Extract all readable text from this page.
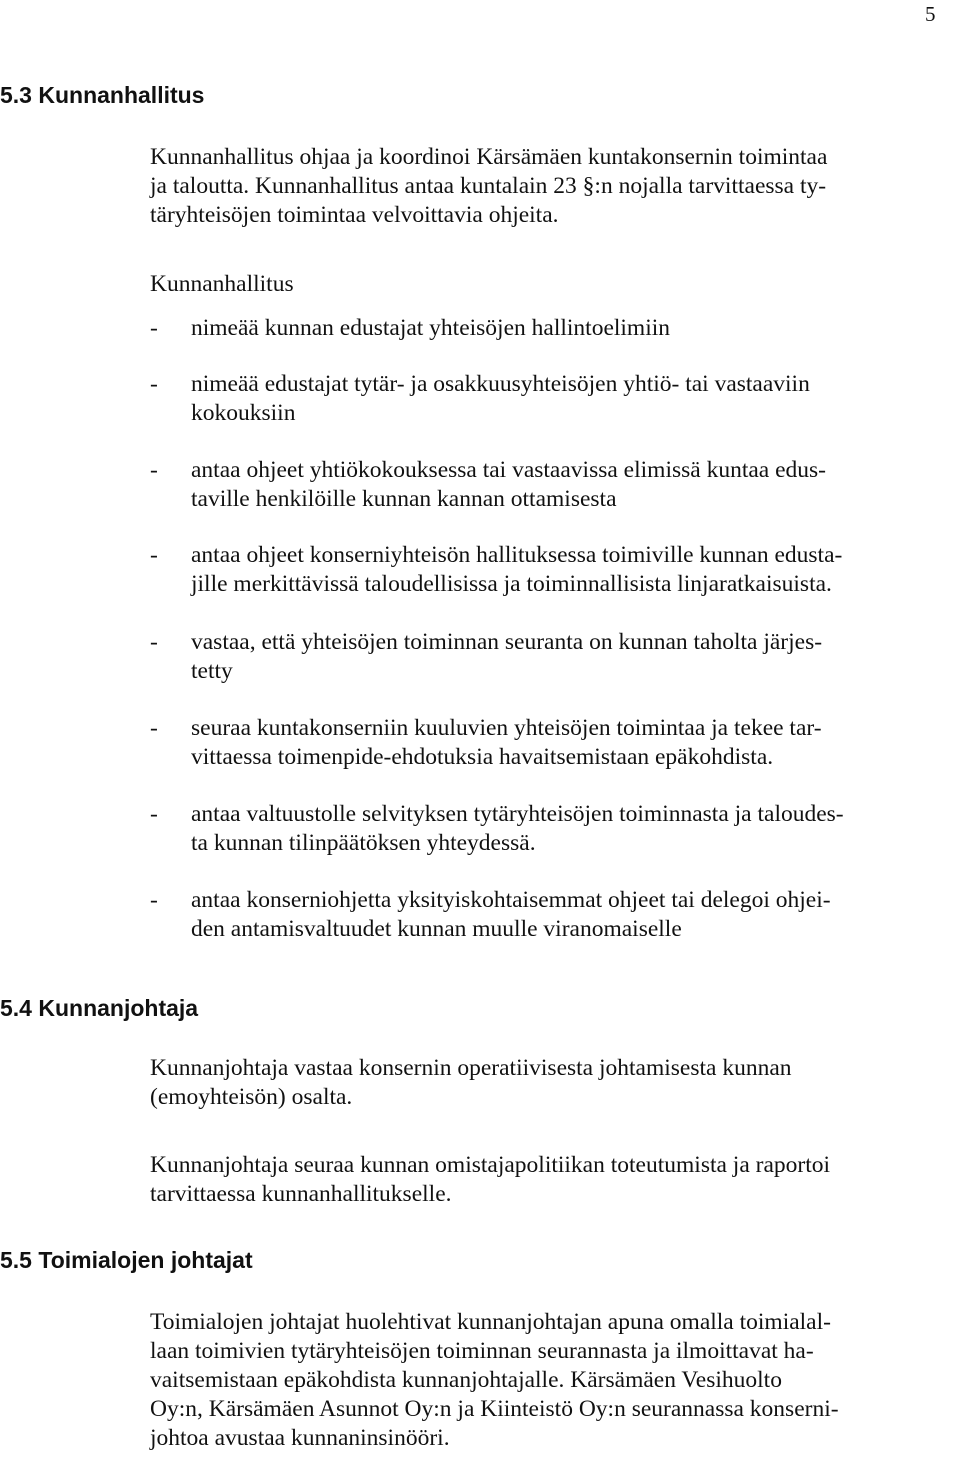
5
5.3 Kunnanhallitus

Kunnanhallitus ohjaa ja koordinoi Kärsämäen kuntakonsernin toimintaa
ja taloutta. Kunnanhallitus antaa kuntalain 23 §:n nojalla tarvittaessa ty-
täryhteisöjen toimintaa velvoittavia ohjeita.

Kunnanhallitus

- nimeää kunnan edustajat yhteisöjen hallintoelimiin
- nimeää edustajat tytär- ja osakkuusyhteisöjen yhtiö- tai vastaaviin
kokouksiin
- antaa ohjeet yhtiökokouksessa tai vastaavissa elimissä kuntaa edus-
taville henkilöille kunnan kannan ottamisesta
- antaa ohjeet konserniyhteisön hallituksessa toimiville kunnan edusta-
jille merkittävissä taloudellisissa ja toiminnallisista linjaratkaisuista.
- vastaa, että yhteisöjen toiminnan seuranta on kunnan taholta järjes-
tetty
- seuraa kuntakonserniin kuuluvien yhteisöjen toimintaa ja tekee tar-
vittaessa toimenpide-ehdotuksia havaitsemistaan epäkohdista.
- antaa valtuustolle selvityksen tytäryhteisöjen toiminnasta ja taloudes-
ta kunnan tilinpäätöksen yhteydessä.
- antaa konserniohjetta yksityiskohtaisemmat ohjeet tai delegoi ohjei-
den antamisvaltuudet kunnan muulle viranomaiselle
5.4 Kunnanjohtaja

Kunnanjohtaja vastaa konsernin operatiivisesta johtamisesta kunnan
(emoyhteisön) osalta.

Kunnanjohtaja seuraa kunnan omistajapolitiikan toteutumista ja raportoi
tarvittaessa kunnanhallitukselle.

5.5 Toimialojen johtajat

Toimialojen johtajat huolehtivat kunnanjohtajan apuna omalla toimialal-
laan toimivien tytäryhteisöjen toiminnan seurannasta ja ilmoittavat ha-
vaitsemistaan epäkohdista kunnanjohtajalle. Kärsämäen Vesihuolto
Oy:n, Kärsämäen Asunnot Oy:n ja Kiinteistö Oy:n seurannassa konserni-
johtoa avustaa kunnaninsinööri.
